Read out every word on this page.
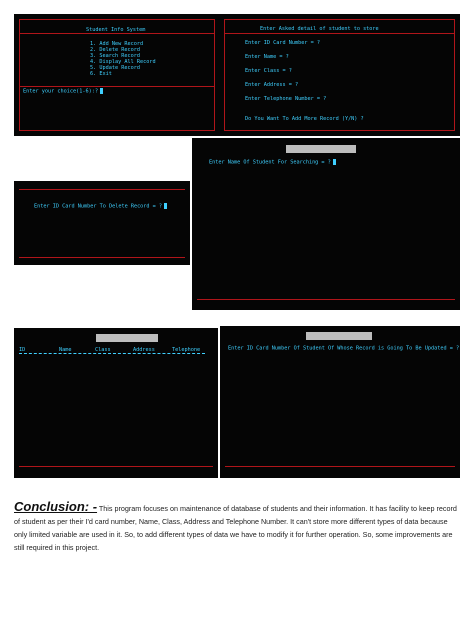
Student Info System
1. Add New Record
2. Delete Record
3. Search Record
4. Display All Record
5. Update Record
6. Exit
Enter your choice(1-6):?
Enter Asked detail of student to store
Enter ID Card Number = ?
Enter Name = ?
Enter Class = ?
Enter Address = ?
Enter Telephone Number = ?
Do You Want To Add More Record (Y/N) ?
Enter Name Of Student For Searching = ?
Enter ID Card Number To Delete Record = ?
ID	Name	Class	Address	Telephone	Enter ID Card Number Of Student Of Whose Record is Going To Be Updated = ?
Conclusion: - This program focuses on maintenance of database of students and their information. It has facility to keep record of student as per their I'd card number, Name, Class, Address and Telephone Number. It can't store more different types of data because only limited variable are used in it. So, to add different types of data we have to modify it for further operation. So, some improvements are still required in this project.
